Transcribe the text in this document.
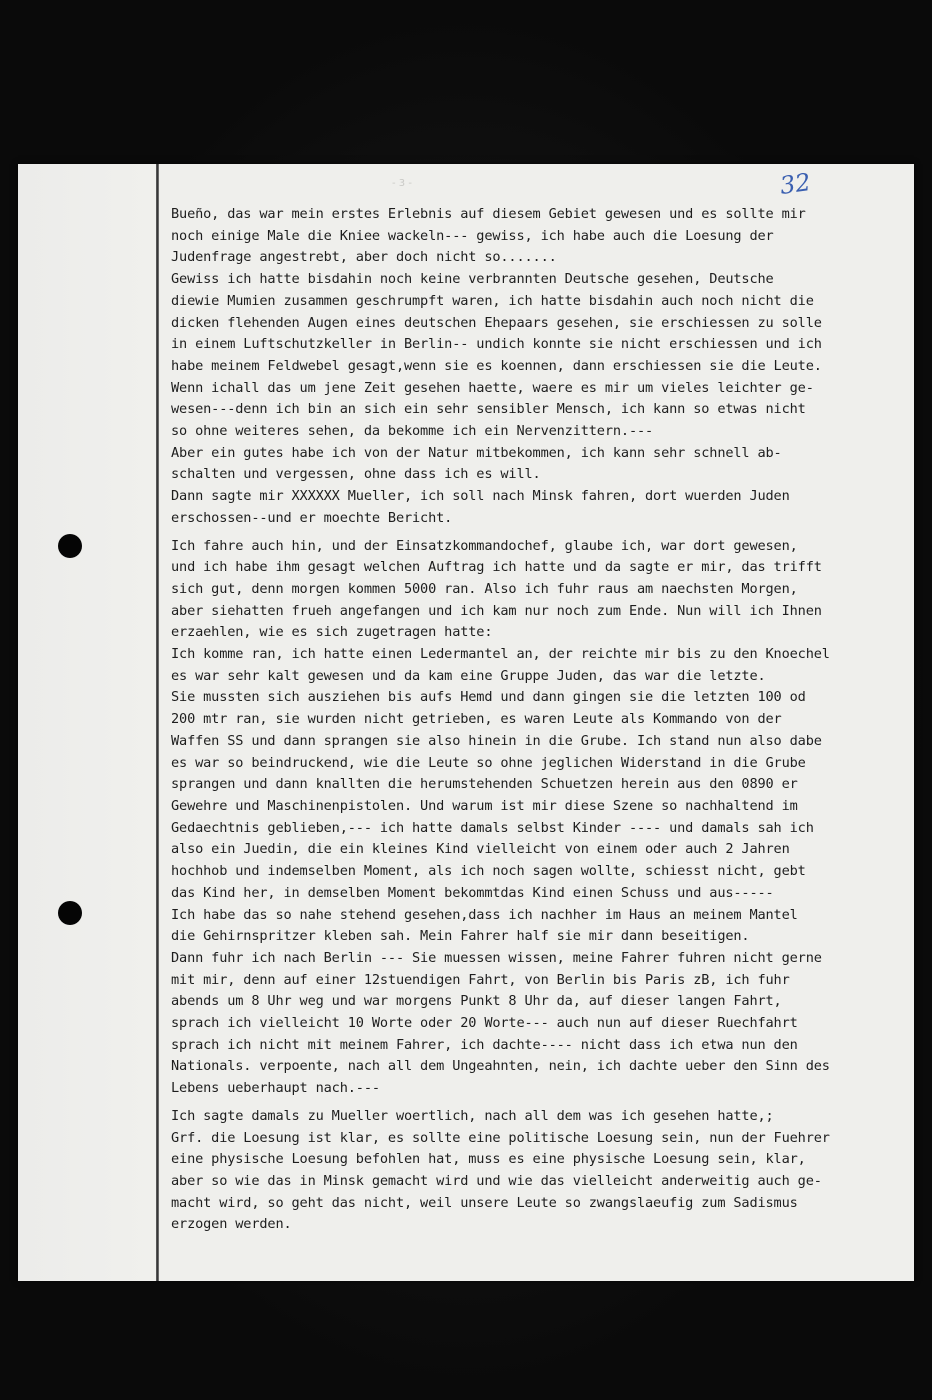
- 3 -	32
Bueño, das war mein erstes Erlebnis auf diesem Gebiet gewesen und es sollte mir
noch einige Male die Kniee wackeln--- gewiss, ich habe auch die Loesung der
Judenfrage angestrebt, aber doch nicht so.......
Gewiss ich hatte bisdahin noch keine verbrannten Deutsche gesehen, Deutsche
diewie Mumien zusammen geschrumpft waren, ich hatte bisdahin auch noch nicht die
dicken flehenden Augen eines deutschen Ehepaars gesehen, sie erschiessen zu solle
in einem Luftschutzkeller in Berlin-- undich konnte sie nicht erschiessen und ich
habe meinem Feldwebel gesagt,wenn sie es koennen, dann erschiessen sie die Leute.
Wenn ichall das um jene Zeit gesehen haette, waere es mir um vieles leichter ge-
wesen---denn ich bin an sich ein sehr sensibler Mensch, ich kann so etwas nicht
so ohne weiteres sehen, da bekomme ich ein Nervenzittern.---
Aber ein gutes habe ich von der Natur mitbekommen, ich kann sehr schnell ab-
schalten und vergessen, ohne dass ich es will.
Dann sagte mir XXXXXX Mueller, ich soll nach Minsk fahren, dort wuerden Juden
erschossen--und er moechte Bericht.
Ich fahre auch hin, und der Einsatzkommandochef, glaube ich, war dort gewesen,
und ich habe ihm gesagt welchen Auftrag ich hatte und da sagte er mir, das trifft
sich gut, denn morgen kommen 5000 ran. Also ich fuhr raus am naechsten Morgen,
aber siehatten frueh angefangen und ich kam nur noch zum Ende. Nun will ich Ihnen
erzaehlen, wie es sich zugetragen hatte:
Ich komme ran, ich hatte einen Ledermantel an, der reichte mir bis zu den Knoechel
es war sehr kalt gewesen und da kam eine Gruppe Juden, das war die letzte.
Sie mussten sich ausziehen bis aufs Hemd und dann gingen sie die letzten 100 od
200 mtr ran, sie wurden nicht getrieben, es waren Leute als Kommando von der
Waffen SS und dann sprangen sie also hinein in die Grube. Ich stand nun also dabe
es war so beindruckend, wie die Leute so ohne jeglichen Widerstand in die Grube
sprangen und dann knallten die herumstehenden Schuetzen herein aus den 0890 er
Gewehre und Maschinenpistolen. Und warum ist mir diese Szene so nachhaltend im
Gedaechtnis geblieben,--- ich hatte damals selbst Kinder ---- und damals sah ich
also ein Juedin, die ein kleines Kind vielleicht von einem oder auch 2 Jahren
hochhob und indemselben Moment, als ich noch sagen wollte, schiesst nicht, gebt
das Kind her, in demselben Moment bekommtdas Kind einen Schuss und aus-----
Ich habe das so nahe stehend gesehen,dass ich nachher im Haus an meinem Mantel
die Gehirnspritzer kleben sah. Mein Fahrer half sie mir dann beseitigen.
Dann fuhr ich nach Berlin --- Sie muessen wissen, meine Fahrer fuhren nicht gerne
mit mir, denn auf einer 12stuendigen Fahrt, von Berlin bis Paris zB, ich fuhr
abends um 8 Uhr weg und war morgens Punkt 8 Uhr da, auf dieser langen Fahrt,
sprach ich vielleicht 10 Worte oder 20 Worte--- auch nun auf dieser Ruechfahrt
sprach ich nicht mit meinem Fahrer, ich dachte---- nicht dass ich etwa nun den
Nationals. verpoente, nach all dem Ungeahnten, nein, ich dachte ueber den Sinn des
Lebens ueberhaupt nach.---
Ich sagte damals zu Mueller woertlich, nach all dem was ich gesehen hatte,;
Grf. die Loesung ist klar, es sollte eine politische Loesung sein, nun der Fuehrer
eine physische Loesung befohlen hat, muss es eine physische Loesung sein, klar,
aber so wie das in Minsk gemacht wird und wie das vielleicht anderweitig auch ge-
macht wird, so geht das nicht, weil unsere Leute so zwangslaeufig zum Sadismus
erzogen werden.
